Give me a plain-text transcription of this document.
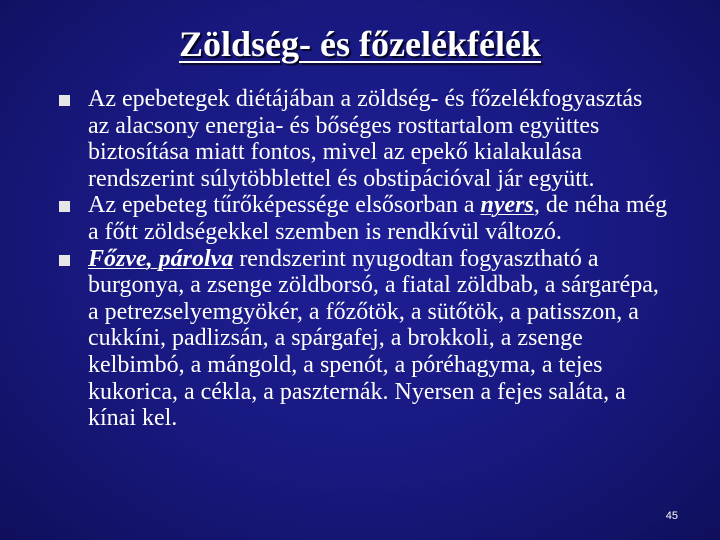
Zöldség- és főzelékfélék
Az epebetegek diétájában a zöldség- és főzelékfogyasztás az alacsony energia- és bőséges rosttartalom együttes biztosítása miatt fontos, mivel az epekő kialakulása rendszerint súlytöbblettel és obstipációval jár együtt.
Az epebeteg tűrőképessége elsősorban a nyers, de néha még a főtt zöldségekkel szemben is rendkívül változó.
Főzve, párolva rendszerint nyugodtan fogyasztható a burgonya, a zsenge zöldborsó, a fiatal zöldbab, a sárgarépa, a petrezselyemgyökér, a főzőtök, a sütőtök, a patisszon, a cukkíni, padlizsán, a spárgafej, a brokkoli, a zsenge kelbimbó, a mángold, a spenót, a póréhagyma, a tejes kukorica, a cékla, a paszternák. Nyersen a fejes saláta, a kínai kel.
45
